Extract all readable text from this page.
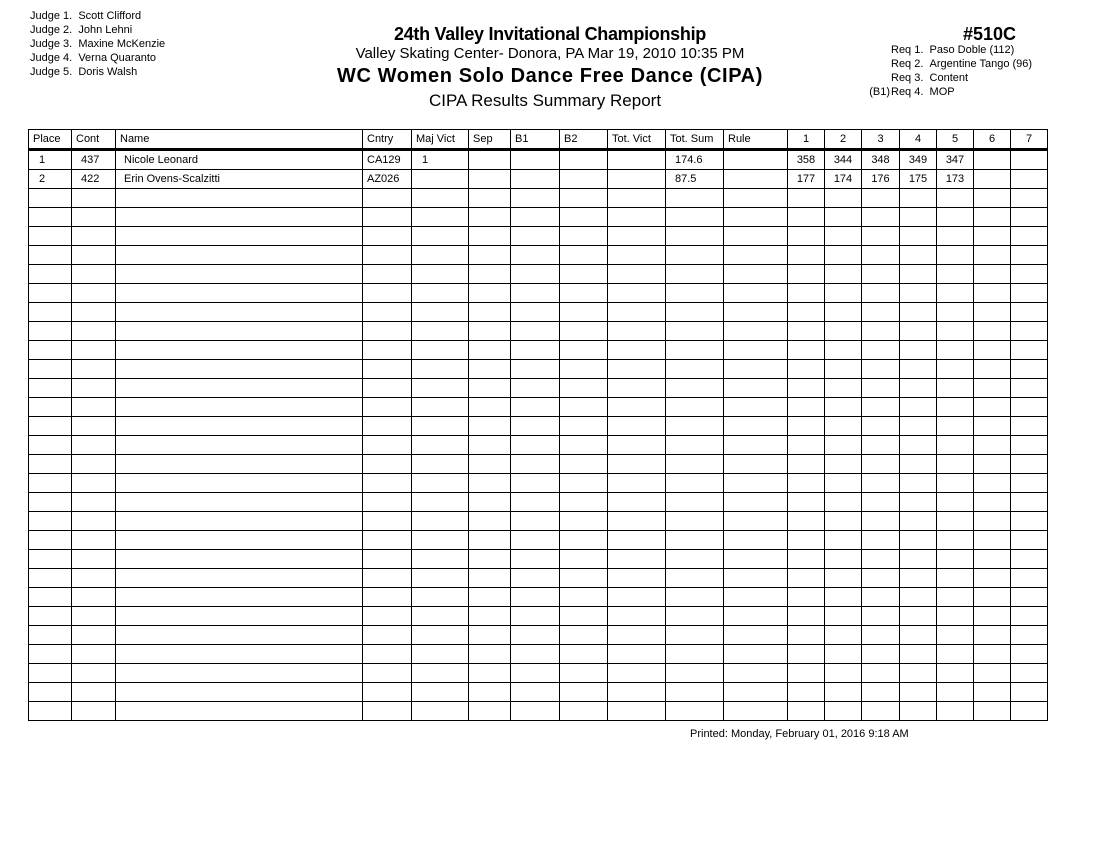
Judge 1. Scott Clifford
Judge 2. John Lehni
Judge 3. Maxine McKenzie
Judge 4. Verna Quaranto
Judge 5. Doris Walsh
24th Valley Invitational Championship
Valley Skating Center- Donora, PA Mar 19, 2010 10:35 PM
WC Women Solo Dance Free Dance (CIPA)
CIPA Results Summary Report
#510C
Req 1. Paso Doble (112)
Req 2. Argentine Tango (96)
Req 3. Content
(B1)Req 4. MOP
Place	Cont	Name	Cntry	Maj Vict	Sep	B1	B2	Tot. Vict	Tot. Sum	Rule	1	2	3	4	5	6	7
1	437	Nicole Leonard	CA129	1					174.6		358	344	348	349	347		
2	422	Erin Ovens-Scalzitti	AZ026						87.5		177	174	176	175	173		

Printed: Monday, February 01, 2016 9:18 AM
